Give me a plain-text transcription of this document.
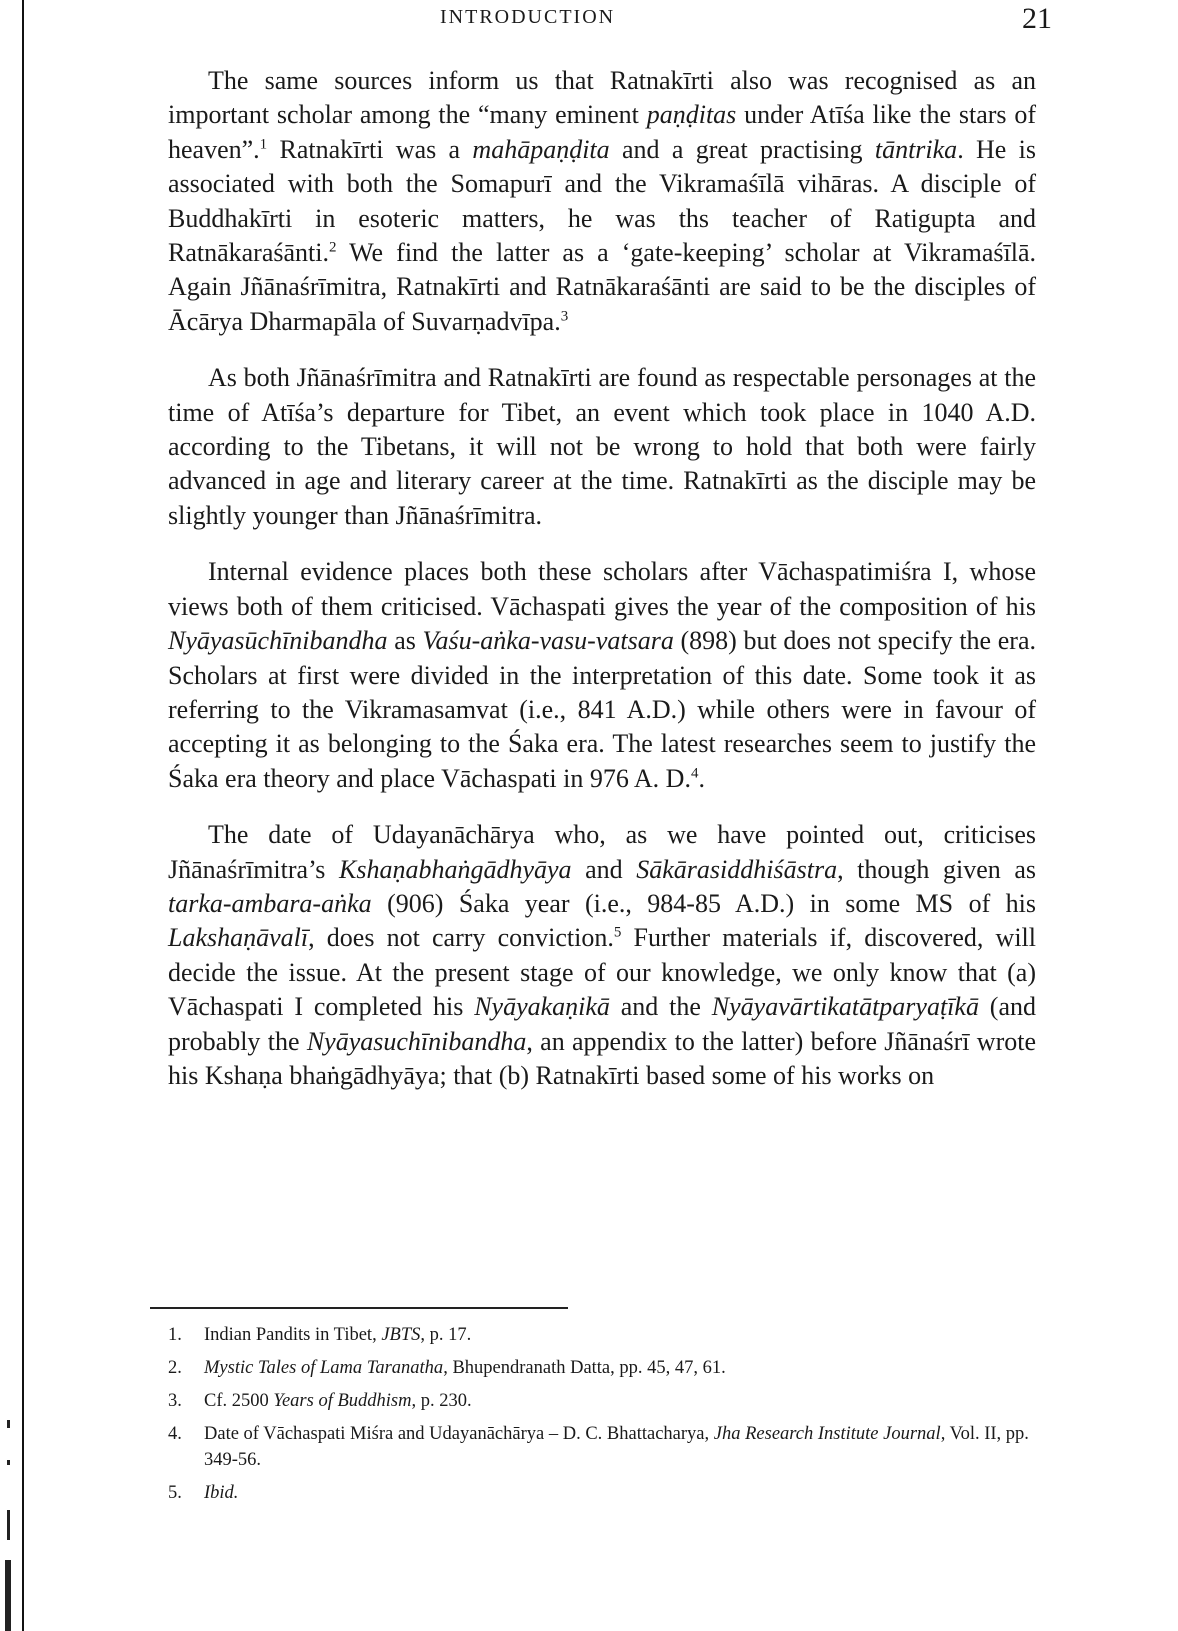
INTRODUCTION	21

The same sources inform us that Ratnakīrti also was recognised as an important scholar among the “many eminent paṇḍitas under Atīśa like the stars of heaven”.$^1$ Ratnakīrti was a mahāpaṇḍita and a great practising tāntrika. He is associated with both the Somapurī and the Vikramaśīlā vihāras. A disciple of Buddhakīrti in esoteric matters, he was ths teacher of Ratigupta and Ratnākaraśānti.$^2$ We find the latter as a ‘gate-keeping’ scholar at Vikramaśīlā. Again Jñānaśrīmitra, Ratnakīrti and Ratnākaraśānti are said to be the disciples of Ācārya Dharmapāla of Suvarṇadvīpa.$^3$

As both Jñānaśrīmitra and Ratnakīrti are found as respectable personages at the time of Atīśa’s departure for Tibet, an event which took place in 1040 A.D. according to the Tibetans, it will not be wrong to hold that both were fairly advanced in age and literary career at the time. Ratnakīrti as the disciple may be slightly younger than Jñānaśrīmitra.

Internal evidence places both these scholars after Vāchaspatimiśra I, whose views both of them criticised. Vāchaspati gives the year of the composition of his Nyāyasūchīnibandha as Vaśu-aṅka-vasu-vatsara (898) but does not specify the era. Scholars at first were divided in the interpretation of this date. Some took it as referring to the Vikramasamvat (i.e., 841 A.D.) while others were in favour of accepting it as belonging to the Śaka era. The latest researches seem to justify the Śaka era theory and place Vāchaspati in 976 A. D.$^4$.

The date of Udayanāchārya who, as we have pointed out, criticises Jñānaśrīmitra’s Kshaṇabhaṅgādhyāya and Sākārasiddhiśāstra, though given as tarka-ambara-aṅka (906) Śaka year (i.e., 984-85 A.D.) in some MS of his Lakshaṇāvalī, does not carry conviction.$^5$ Further materials if, discovered, will decide the issue. At the present stage of our knowledge, we only know that (a) Vāchaspati I completed his Nyāyakaṇikā and the Nyāyavārtikatātparyaṭīkā (and probably the Nyāyasuchīnibandha, an appendix to the latter) before Jñānaśrī wrote his Kshaṇa bhaṅgādhyāya; that (b) Ratnakīrti based some of his works on

1.	Indian Pandits in Tibet, JBTS, p. 17.
2.	Mystic Tales of Lama Taranatha, Bhupendranath Datta, pp. 45, 47, 61.
3.	Cf. 2500 Years of Buddhism, p. 230.
4.	Date of Vāchaspati Miśra and Udayanāchārya – D. C. Bhattacharya, Jha Research Institute Journal, Vol. II, pp. 349-56.
5.	Ibid.
